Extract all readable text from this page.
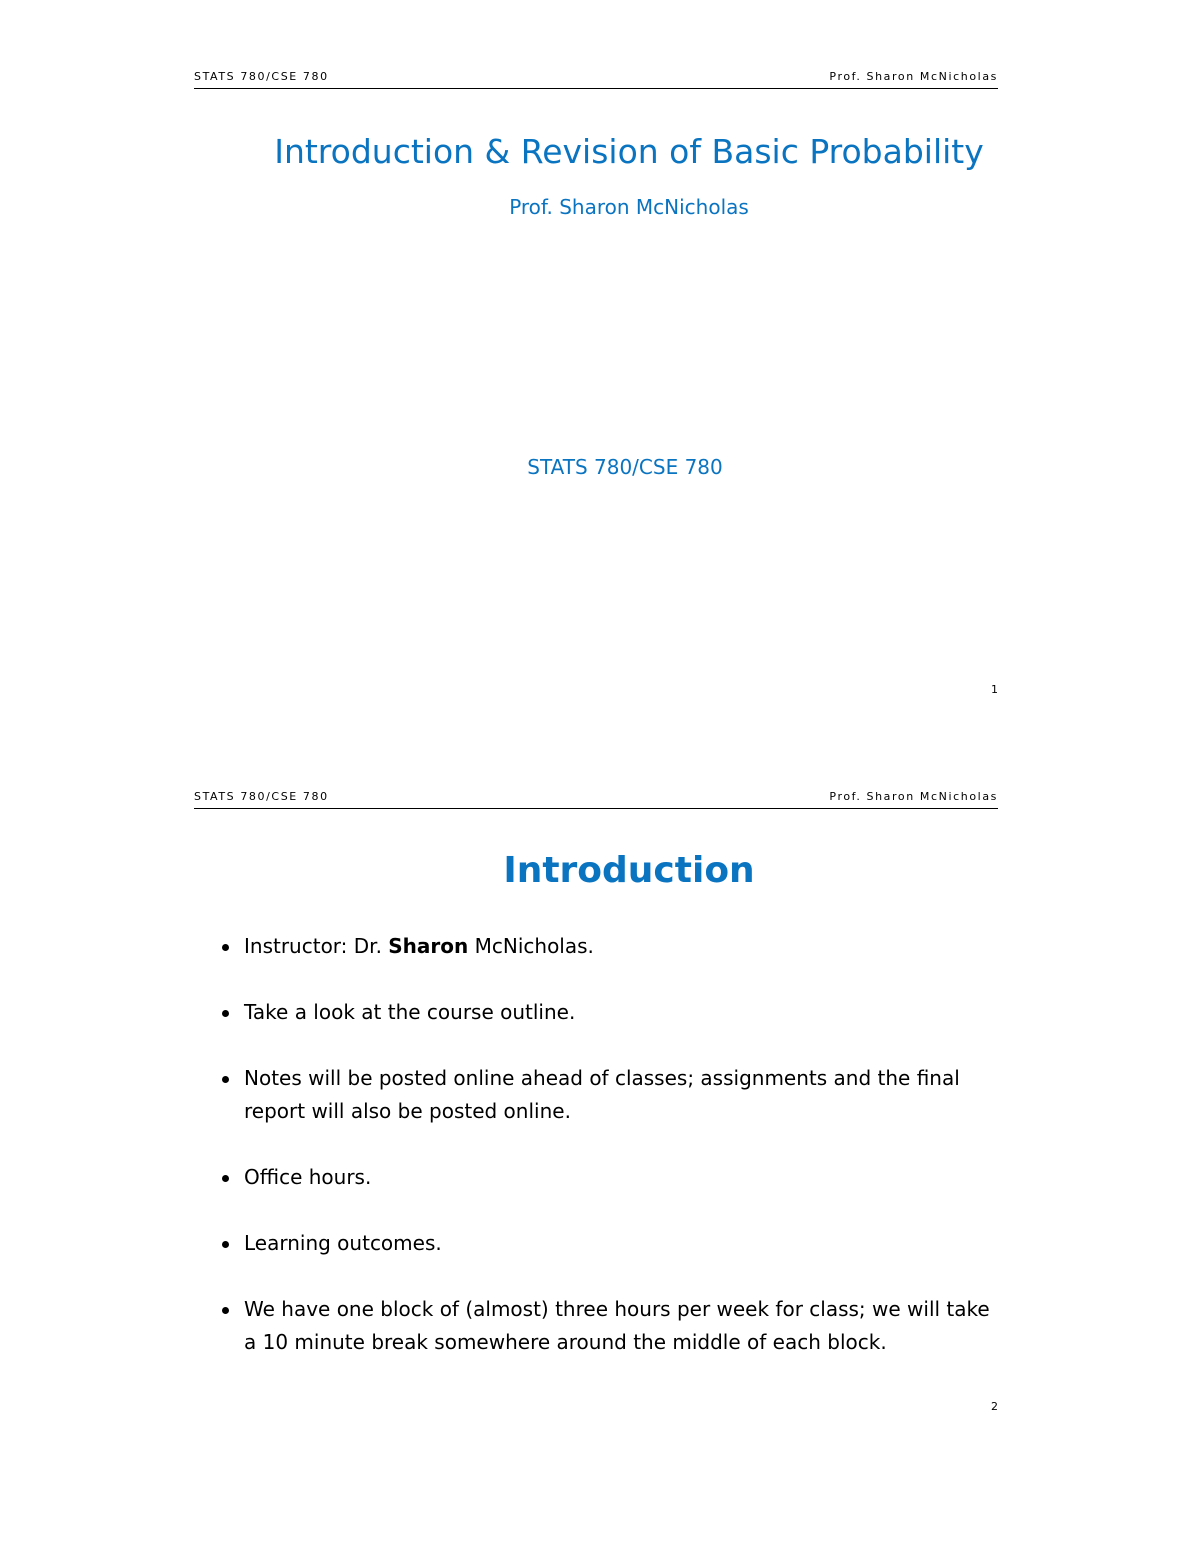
STATS 780/CSE 780	Prof. Sharon McNicholas
Introduction & Revision of Basic Probability
Prof. Sharon McNicholas
STATS 780/CSE 780
1
STATS 780/CSE 780	Prof. Sharon McNicholas
Introduction
Instructor: Dr. Sharon McNicholas.
Take a look at the course outline.
Notes will be posted online ahead of classes; assignments and the final report will also be posted online.
Office hours.
Learning outcomes.
We have one block of (almost) three hours per week for class; we will take a 10 minute break somewhere around the middle of each block.
2
